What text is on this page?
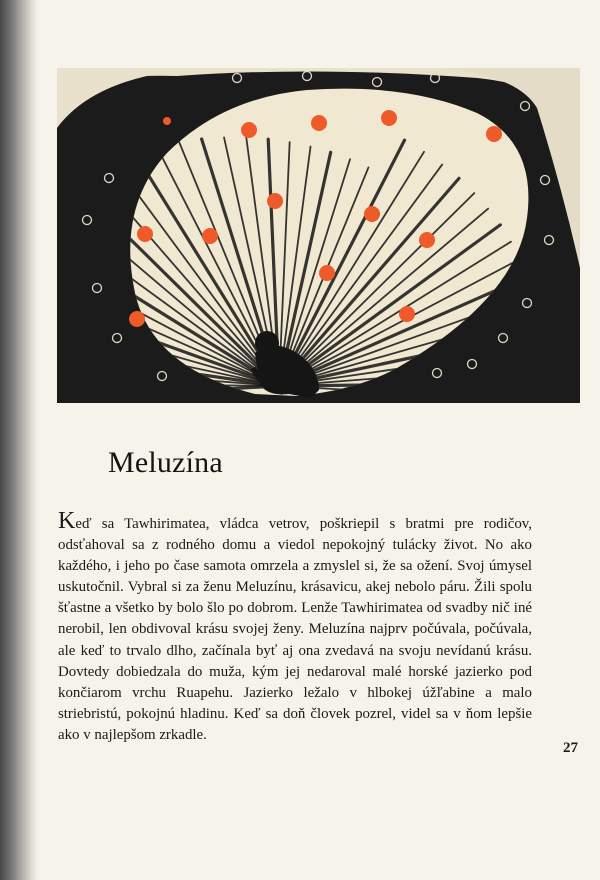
Meluzína

Keď sa Tawhirimatea, vládca vetrov, poškriepil s bratmi pre rodičov, odsťahoval sa z rodného domu a viedol nepokojný tulácky život. No ako každého, i jeho po čase samota omrzela a zmyslel si, že sa ožení. Svoj úmysel uskutočnil. Vybral si za ženu Meluzínu, krásavicu, akej nebolo páru. Žili spolu šťastne a všetko by bolo šlo po dobrom. Lenže Tawhirimatea od svadby nič iné nerobil, len obdivoval krásu svojej ženy. Meluzína najprv počúvala, počúvala, ale keď to trvalo dlho, začínala byť aj ona zvedavá na svoju nevídanú krásu. Dovtedy dobiedzala do muža, kým jej nedaroval malé horské jazierko pod končiarom vrchu Ruapehu. Jazierko ležalo v hlbokej úžľabine a malo striebristú, pokojnú hladinu. Keď sa doň človek pozrel, videl sa v ňom lepšie ako v najlepšom zrkadle.

27
